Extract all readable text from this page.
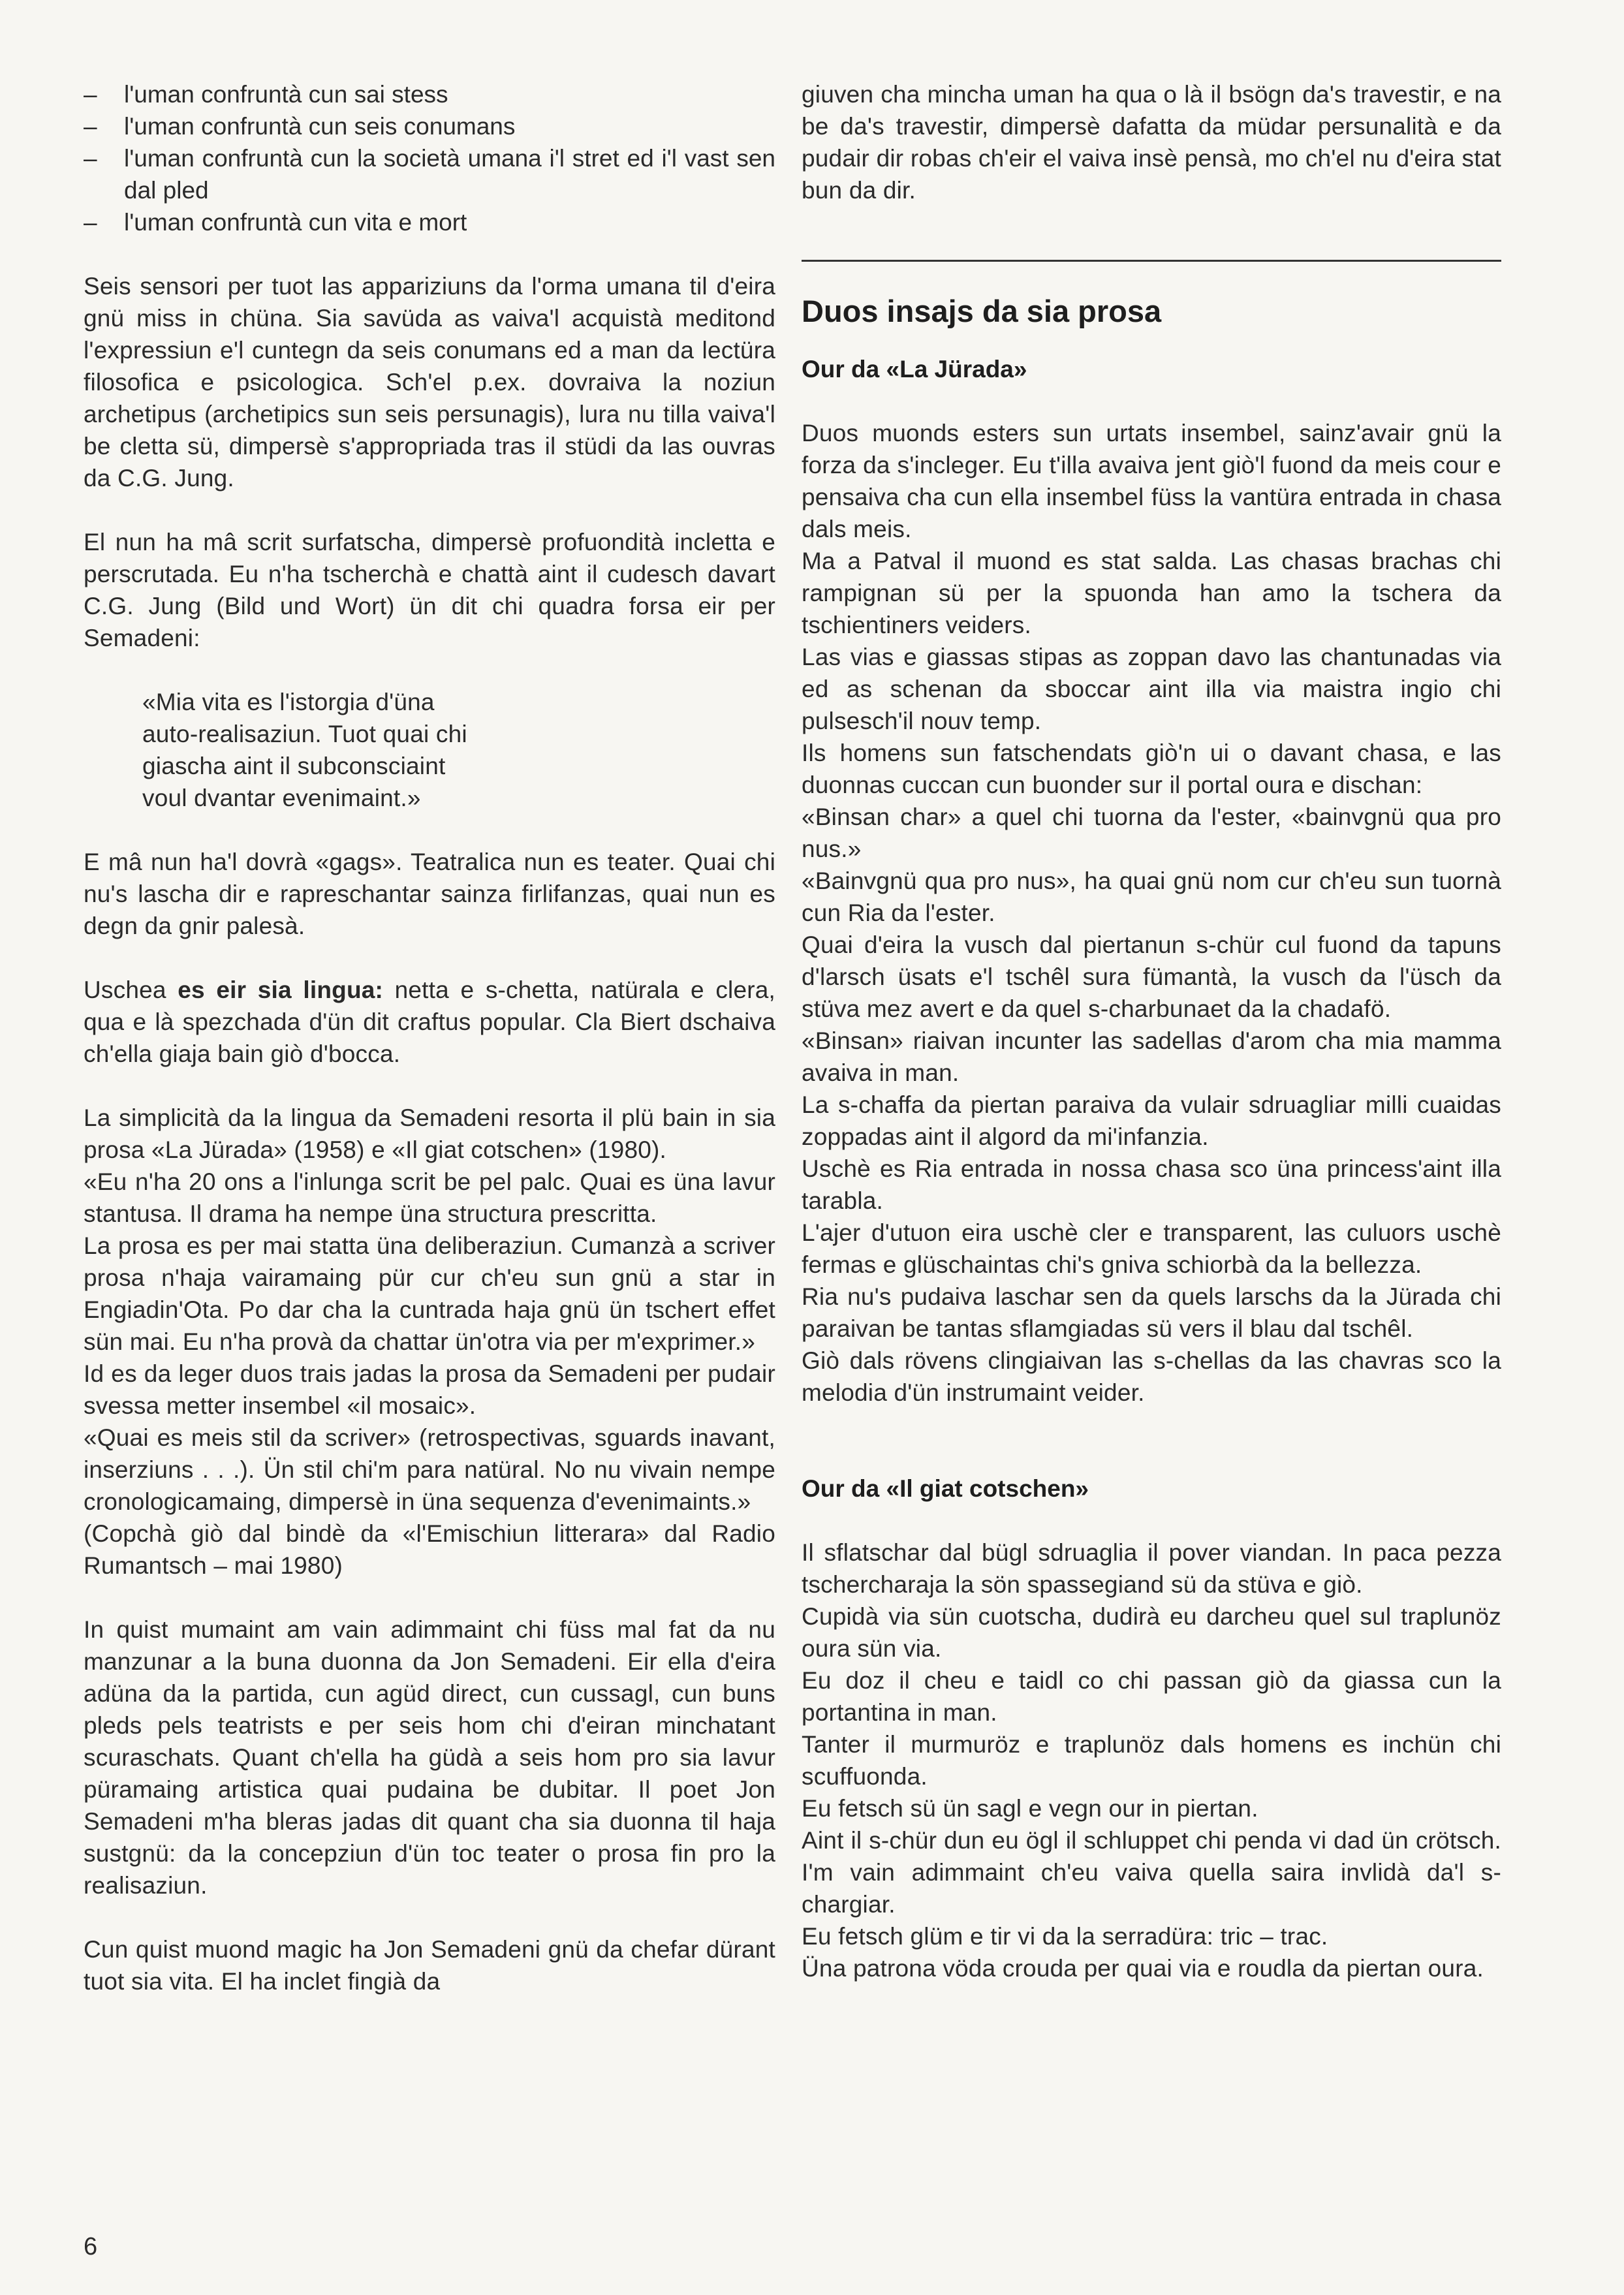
– l'uman confruntà cun sai stess
– l'uman confruntà cun seis conumans
– l'uman confruntà cun la società umana i'l stret ed i'l vast sen dal pled
– l'uman confruntà cun vita e mort

Seis sensori per tuot las appariziuns da l'orma umana til d'eira gnü miss in chüna. Sia savüda as vaiva'l acquistà meditond l'expressiun e'l cuntegn da seis conumans ed a man da lectüra filosofica e psicologica. Sch'el p.ex. dovraiva la noziun archetipus (archetipics sun seis persunagis), lura nu tilla vaiva'l be cletta sü, dimpersè s'appropriada tras il stüdi da las ouvras da C.G. Jung.

El nun ha mâ scrit surfatscha, dimpersè profuondità incletta e perscrutada. Eu n'ha tscherchà e chattà aint il cudesch davart C.G. Jung (Bild und Wort) ün dit chi quadra forsa eir per Semadeni:

«Mia vita es l'istorgia d'üna

auto-realisaziun. Tuot quai chi

giascha aint il subconsciaint

voul dvantar evenimaint.»

E mâ nun ha'l dovrà «gags». Teatralica nun es teater. Quai chi nu's lascha dir e rapreschantar sainza firlifanzas, quai nun es degn da gnir palesà.

Uschea es eir sia lingua: netta e s-chetta, natürala e clera, qua e là spezchada d'ün dit craftus popular. Cla Biert dschaiva ch'ella giaja bain giò d'bocca.

La simplicità da la lingua da Semadeni resorta il plü bain in sia prosa «La Jürada» (1958) e «Il giat cotschen» (1980).

«Eu n'ha 20 ons a l'inlunga scrit be pel palc. Quai es üna lavur stantusa. Il drama ha nempe üna structura prescritta.

La prosa es per mai statta üna deliberaziun. Cumanzà a scriver prosa n'haja vairamaing pür cur ch'eu sun gnü a star in Engiadin'Ota. Po dar cha la cuntrada haja gnü ün tschert effet sün mai. Eu n'ha provà da chattar ün'otra via per m'exprimer.»

Id es da leger duos trais jadas la prosa da Semadeni per pudair svessa metter insembel «il mosaic».

«Quai es meis stil da scriver» (retrospectivas, sguards inavant, inserziuns . . .). Ün stil chi'm para natüral. No nu vivain nempe cronologicamaing, dimpersè in üna sequenza d'evenimaints.»

(Copchà giò dal bindè da «l'Emischiun litterara» dal Radio Rumantsch – mai 1980)

In quist mumaint am vain adimmaint chi füss mal fat da nu manzunar a la buna duonna da Jon Semadeni. Eir ella d'eira adüna da la partida, cun agüd direct, cun cussagl, cun buns pleds pels teatrists e per seis hom chi d'eiran minchatant scuraschats. Quant ch'ella ha güdà a seis hom pro sia lavur püramaing artistica quai pudaina be dubitar. Il poet Jon Semadeni m'ha bleras jadas dit quant cha sia duonna til haja sustgnü: da la concepziun d'ün toc teater o prosa fin pro la realisaziun.

Cun quist muond magic ha Jon Semadeni gnü da chefar dürant tuot sia vita. El ha inclet fingià da

giuven cha mincha uman ha qua o là il bsögn da's travestir, e na be da's travestir, dimpersè dafatta da müdar persunalità e da pudair dir robas ch'eir el vaiva insè pensà, mo ch'el nu d'eira stat bun da dir.

Duos insajs da sia prosa
Our da «La Jürada»

Duos muonds esters sun urtats insembel, sainz'avair gnü la forza da s'incleger. Eu t'illa avaiva jent giò'l fuond da meis cour e pensaiva cha cun ella insembel füss la vantüra entrada in chasa dals meis.

Ma a Patval il muond es stat salda. Las chasas brachas chi rampignan sü per la spuonda han amo la tschera da tschientiners veiders.

Las vias e giassas stipas as zoppan davo las chantunadas via ed as schenan da sboccar aint illa via maistra ingio chi pulsesch'il nouv temp.

Ils homens sun fatschendats giò'n ui o davant chasa, e las duonnas cuccan cun buonder sur il portal oura e dischan:

«Binsan char» a quel chi tuorna da l'ester, «bainvgnü qua pro nus.»

«Bainvgnü qua pro nus», ha quai gnü nom cur ch'eu sun tuornà cun Ria da l'ester.

Quai d'eira la vusch dal piertanun s-chür cul fuond da tapuns d'larsch üsats e'l tschêl sura fümantà, la vusch da l'üsch da stüva mez avert e da quel s-charbunaet da la chadafö.

«Binsan» riaivan incunter las sadellas d'arom cha mia mamma avaiva in man.

La s-chaffa da piertan paraiva da vulair sdruagliar milli cuaidas zoppadas aint il algord da mi'infanzia.

Uschè es Ria entrada in nossa chasa sco üna princess'aint illa tarabla.

L'ajer d'utuon eira uschè cler e transparent, las culuors uschè fermas e glüschaintas chi's gniva schiorbà da la bellezza.

Ria nu's pudaiva laschar sen da quels larschs da la Jürada chi paraivan be tantas sflamgiadas sü vers il blau dal tschêl.

Giò dals rövens clingiaivan las s-chellas da las chavras sco la melodia d'ün instrumaint veider.

Our da «Il giat cotschen»

Il sflatschar dal bügl sdruaglia il pover viandan. In paca pezza tschercharaja la sön spassegiand sü da stüva e giò.

Cupidà via sün cuotscha, dudirà eu darcheu quel sul traplunöz oura sün via.

Eu doz il cheu e taidl co chi passan giò da giassa cun la portantina in man.

Tanter il murmuröz e traplunöz dals homens es inchün chi scuffuonda.

Eu fetsch sü ün sagl e vegn our in piertan.

Aint il s-chür dun eu ögl il schluppet chi penda vi dad ün crötsch. I'm vain adimmaint ch'eu vaiva quella saira invlidà da'l s-chargiar.

Eu fetsch glüm e tir vi da la serradüra: tric – trac.

Üna patrona vöda crouda per quai via e roudla da piertan oura.

6
